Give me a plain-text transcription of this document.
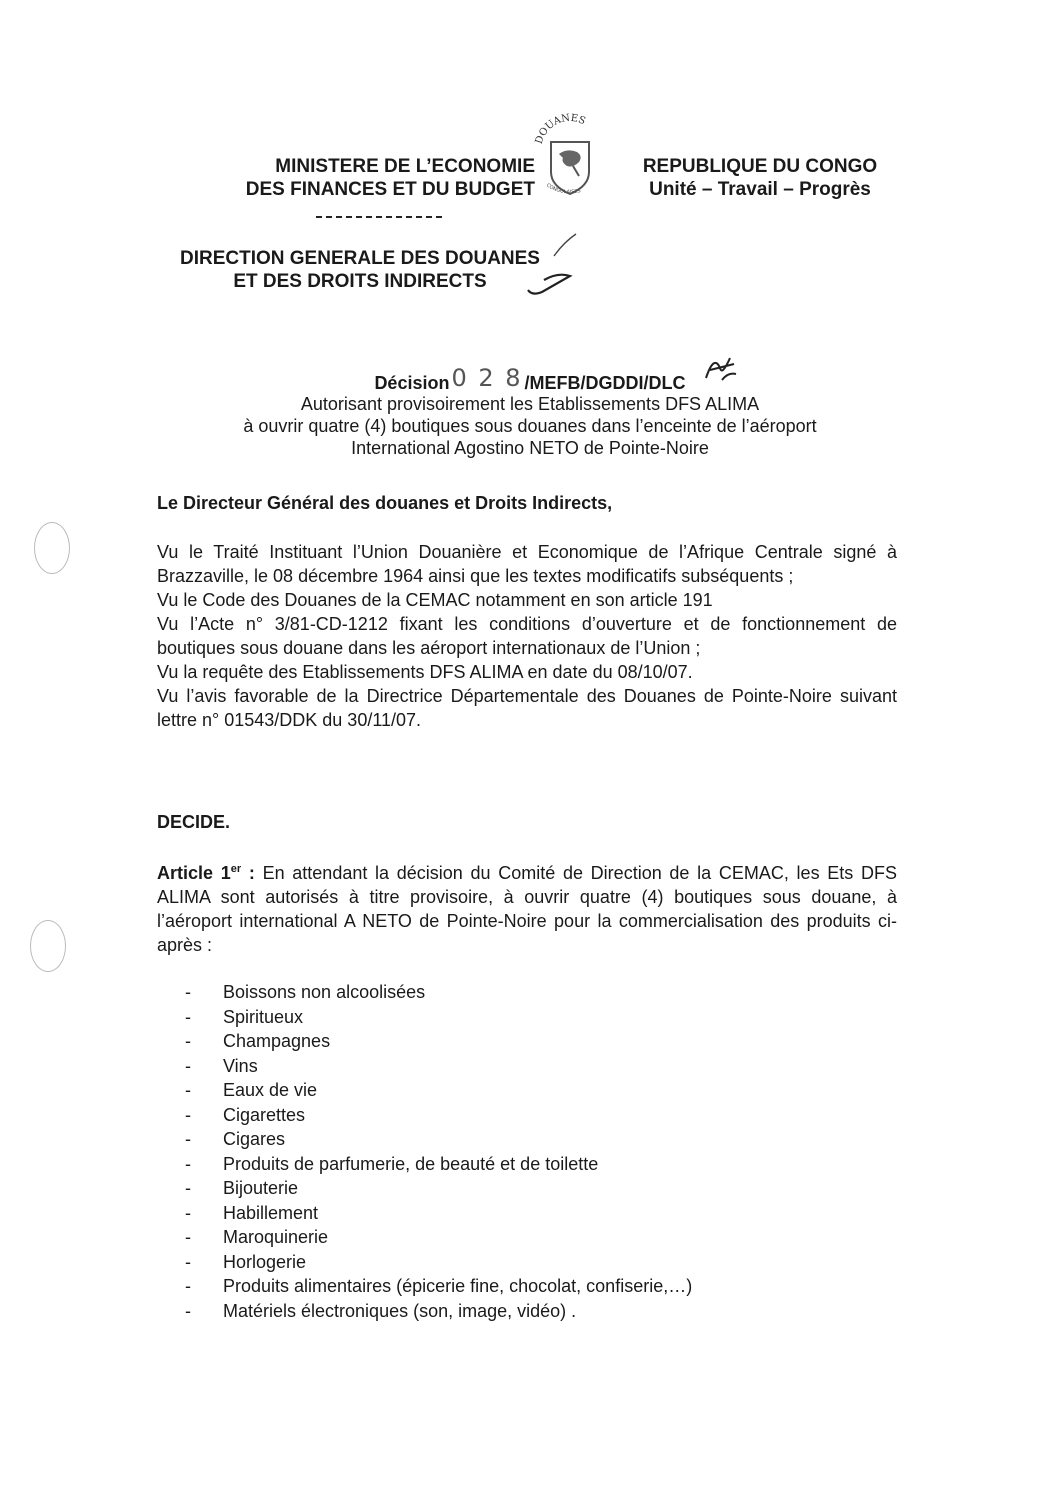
MINISTERE DE L’ECONOMIE
DES FINANCES ET DU BUDGET
DOUANES
CONGOLAISES
REPUBLIQUE DU CONGO
Unité – Travail – Progrès
DIRECTION GENERALE DES DOUANES
ET DES DROITS INDIRECTS
Décision0 2 8 /MEFB/DGDDI/DLC
Autorisant provisoirement les Etablissements DFS ALIMA
à ouvrir quatre (4) boutiques sous douanes dans l’enceinte de l’aéroport
International Agostino NETO de Pointe-Noire
Le Directeur Général des douanes et Droits Indirects,
Vu le Traité Instituant l’Union Douanière et Economique de l’Afrique Centrale signé à Brazzaville, le 08 décembre 1964 ainsi que les textes modificatifs subséquents ;
Vu le Code des Douanes de la CEMAC notamment en son article 191
Vu l’Acte n° 3/81-CD-1212 fixant les conditions d’ouverture et de fonctionnement de boutiques sous douane dans les aéroport internationaux de l’Union ;
Vu la requête des Etablissements DFS ALIMA en date du 08/10/07.
Vu l’avis favorable de la Directrice Départementale des Douanes de Pointe-Noire suivant lettre n° 01543/DDK du 30/11/07.
DECIDE.
Article 1er : En attendant la décision du Comité de Direction de la CEMAC, les Ets DFS ALIMA sont autorisés à titre provisoire, à ouvrir quatre (4) boutiques sous douane, à l’aéroport international A NETO de Pointe-Noire pour la commercialisation des produits ci-après :
-	Boissons non alcoolisées
-	Spiritueux
-	Champagnes
-	Vins
-	Eaux de vie
-	Cigarettes
-	Cigares
-	Produits de parfumerie, de beauté et de toilette
-	Bijouterie
-	Habillement
-	Maroquinerie
-	Horlogerie
-	Produits alimentaires (épicerie fine, chocolat, confiserie,…)
-	Matériels électroniques (son, image, vidéo) .
